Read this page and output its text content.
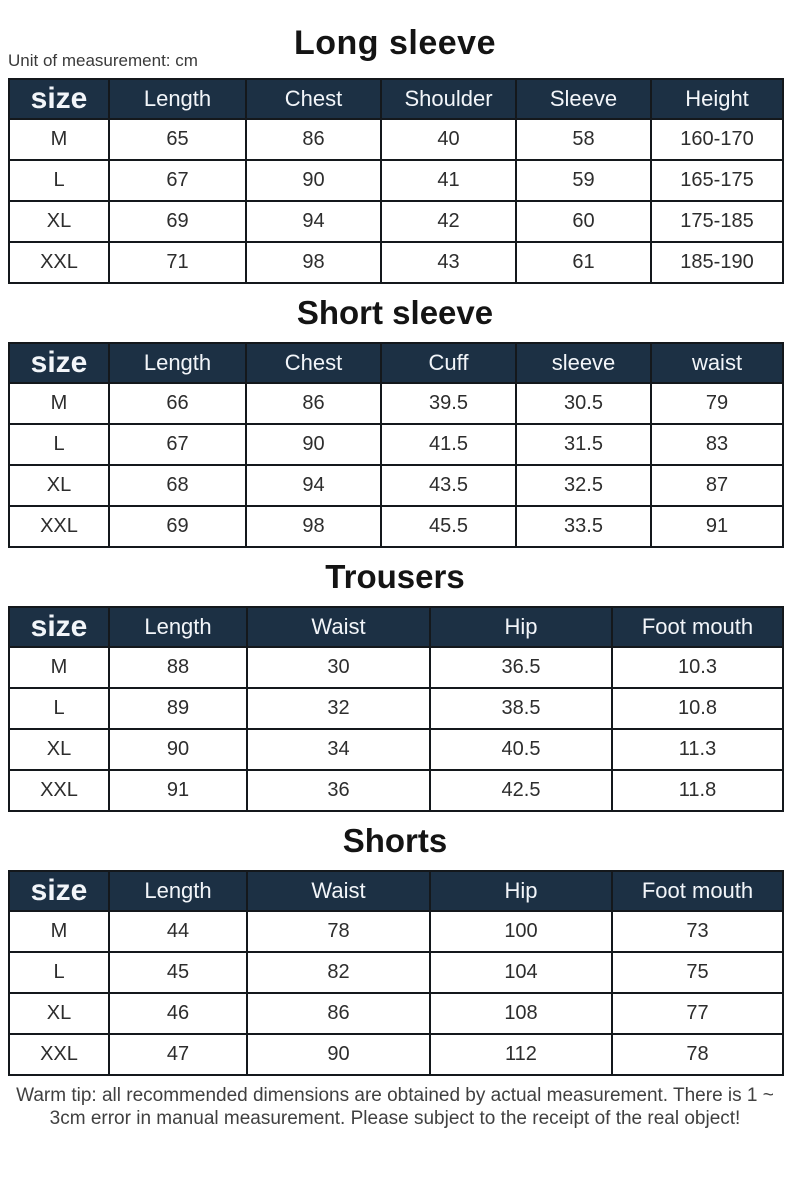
Long sleeve
Unit of measurement: cm
size	Length	Chest	Shoulder	Sleeve	Height
M	65	86	40	58	160-170
L	67	90	41	59	165-175
XL	69	94	42	60	175-185
XXL	71	98	43	61	185-190
Short sleeve
size	Length	Chest	Cuff	sleeve	waist
M	66	86	39.5	30.5	79
L	67	90	41.5	31.5	83
XL	68	94	43.5	32.5	87
XXL	69	98	45.5	33.5	91
Trousers
size	Length	Waist	Hip	Foot mouth
M	88	30	36.5	10.3
L	89	32	38.5	10.8
XL	90	34	40.5	11.3
XXL	91	36	42.5	11.8
Shorts
size	Length	Waist	Hip	Foot mouth
M	44	78	100	73
L	45	82	104	75
XL	46	86	108	77
XXL	47	90	112	78
Warm tip: all recommended dimensions are obtained by actual measurement. There is 1 ~ 3cm error in manual measurement. Please subject to the receipt of the real object!
